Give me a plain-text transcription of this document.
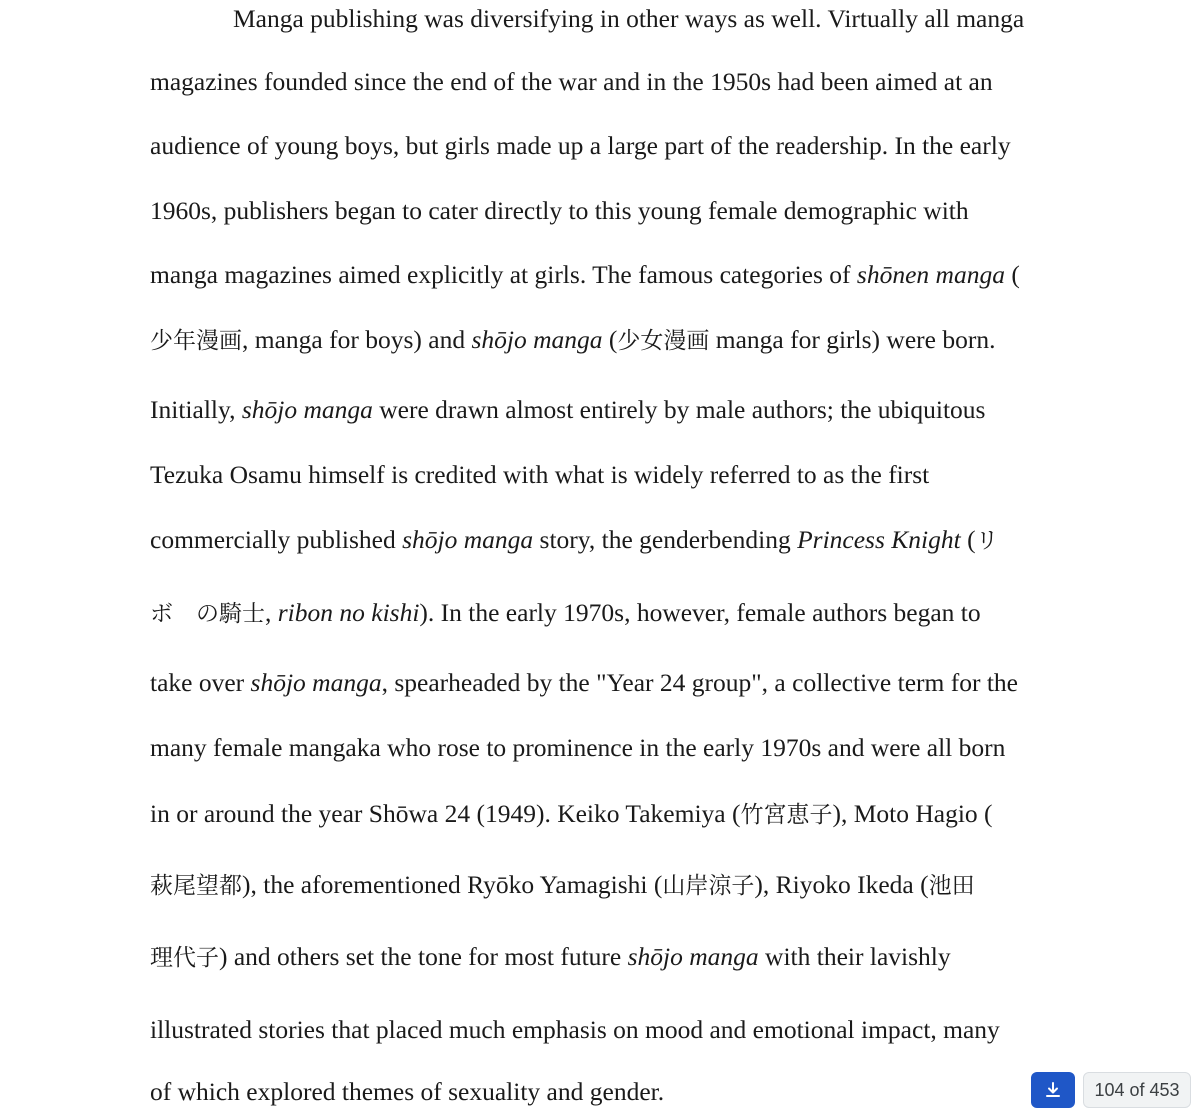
Manga publishing was diversifying in other ways as well. Virtually all manga
magazines founded since the end of the war and in the 1950s had been aimed at an
audience of young boys, but girls made up a large part of the readership. In the early
1960s, publishers began to cater directly to this young female demographic with
manga magazines aimed explicitly at girls. The famous categories of shōnen manga (
少年漫画, manga for boys) and shōjo manga (少女漫画 manga for girls) were born.
Initially, shōjo manga were drawn almost entirely by male authors; the ubiquitous
Tezuka Osamu himself is credited with what is widely referred to as the first
commercially published shōjo manga story, the genderbending Princess Knight (リ
ボ　の騎士, ribon no kishi). In the early 1970s, however, female authors began to
take over shōjo manga, spearheaded by the "Year 24 group", a collective term for the
many female mangaka who rose to prominence in the early 1970s and were all born
in or around the year Shōwa 24 (1949). Keiko Takemiya (竹宮恵子), Moto Hagio (
萩尾望都), the aforementioned Ryōko Yamagishi (山岸涼子), Riyoko Ikeda (池田
理代子) and others set the tone for most future shōjo manga with their lavishly
illustrated stories that placed much emphasis on mood and emotional impact, many
of which explored themes of sexuality and gender.	104 of 453
